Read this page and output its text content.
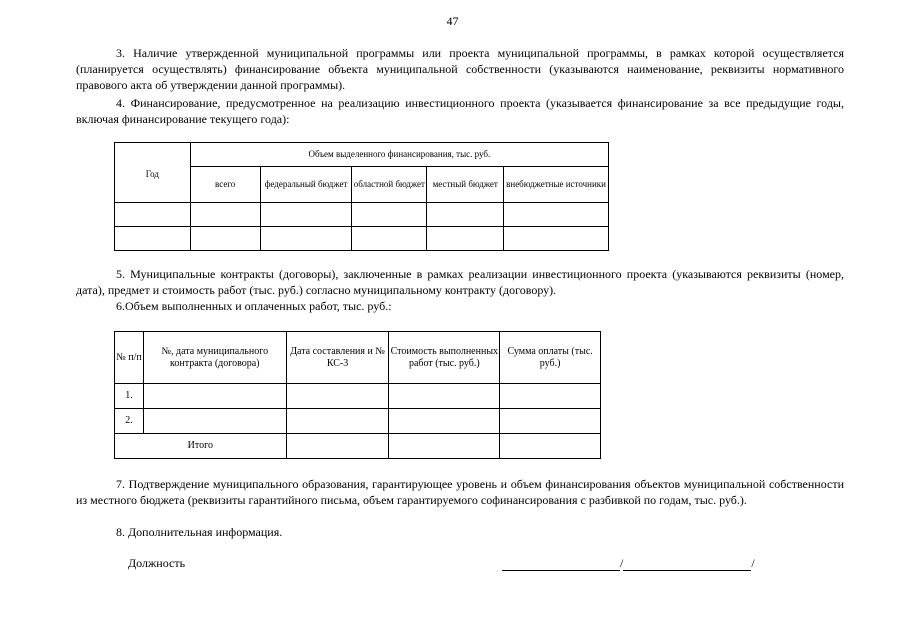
47

3. Наличие утвержденной муниципальной программы или проекта муниципальной программы, в рамках которой осуществляется (планируется осуществлять) финансирование объекта муниципальной собственности (указываются наименование, реквизиты нормативного правового акта об утверждении данной программы).

4. Финансирование, предусмотренное на реализацию инвестиционного проекта (указывается финансирование за все предыдущие годы, включая финансирование текущего года):

Год	Объем выделенного финансирования, тыс. руб.				
	всего	федеральный бюджет	областной бюджет	местный бюджет	внебюджетные источники

5. Муниципальные контракты (договоры), заключенные в рамках реализации инвестиционного проекта (указываются реквизиты (номер, дата), предмет и стоимость работ (тыс. руб.) согласно муниципальному контракту (договору).

6.Объем выполненных и оплаченных работ, тыс. руб.:

№ п/п	№, дата муниципального контракта (договора)	Дата составления и № КС-3	Стоимость выполненных работ (тыс. руб.)	Сумма оплаты (тыс. руб.)
1.				
2.				
Итого				

7. Подтверждение муниципального образования, гарантирующее уровень и объем финансирования объектов муниципальной собственности из местного бюджета (реквизиты гарантийного письма, объем гарантируемого софинансирования с разбивкой по годам, тыс. руб.).

8. Дополнительная информация.

Должность	/	/
